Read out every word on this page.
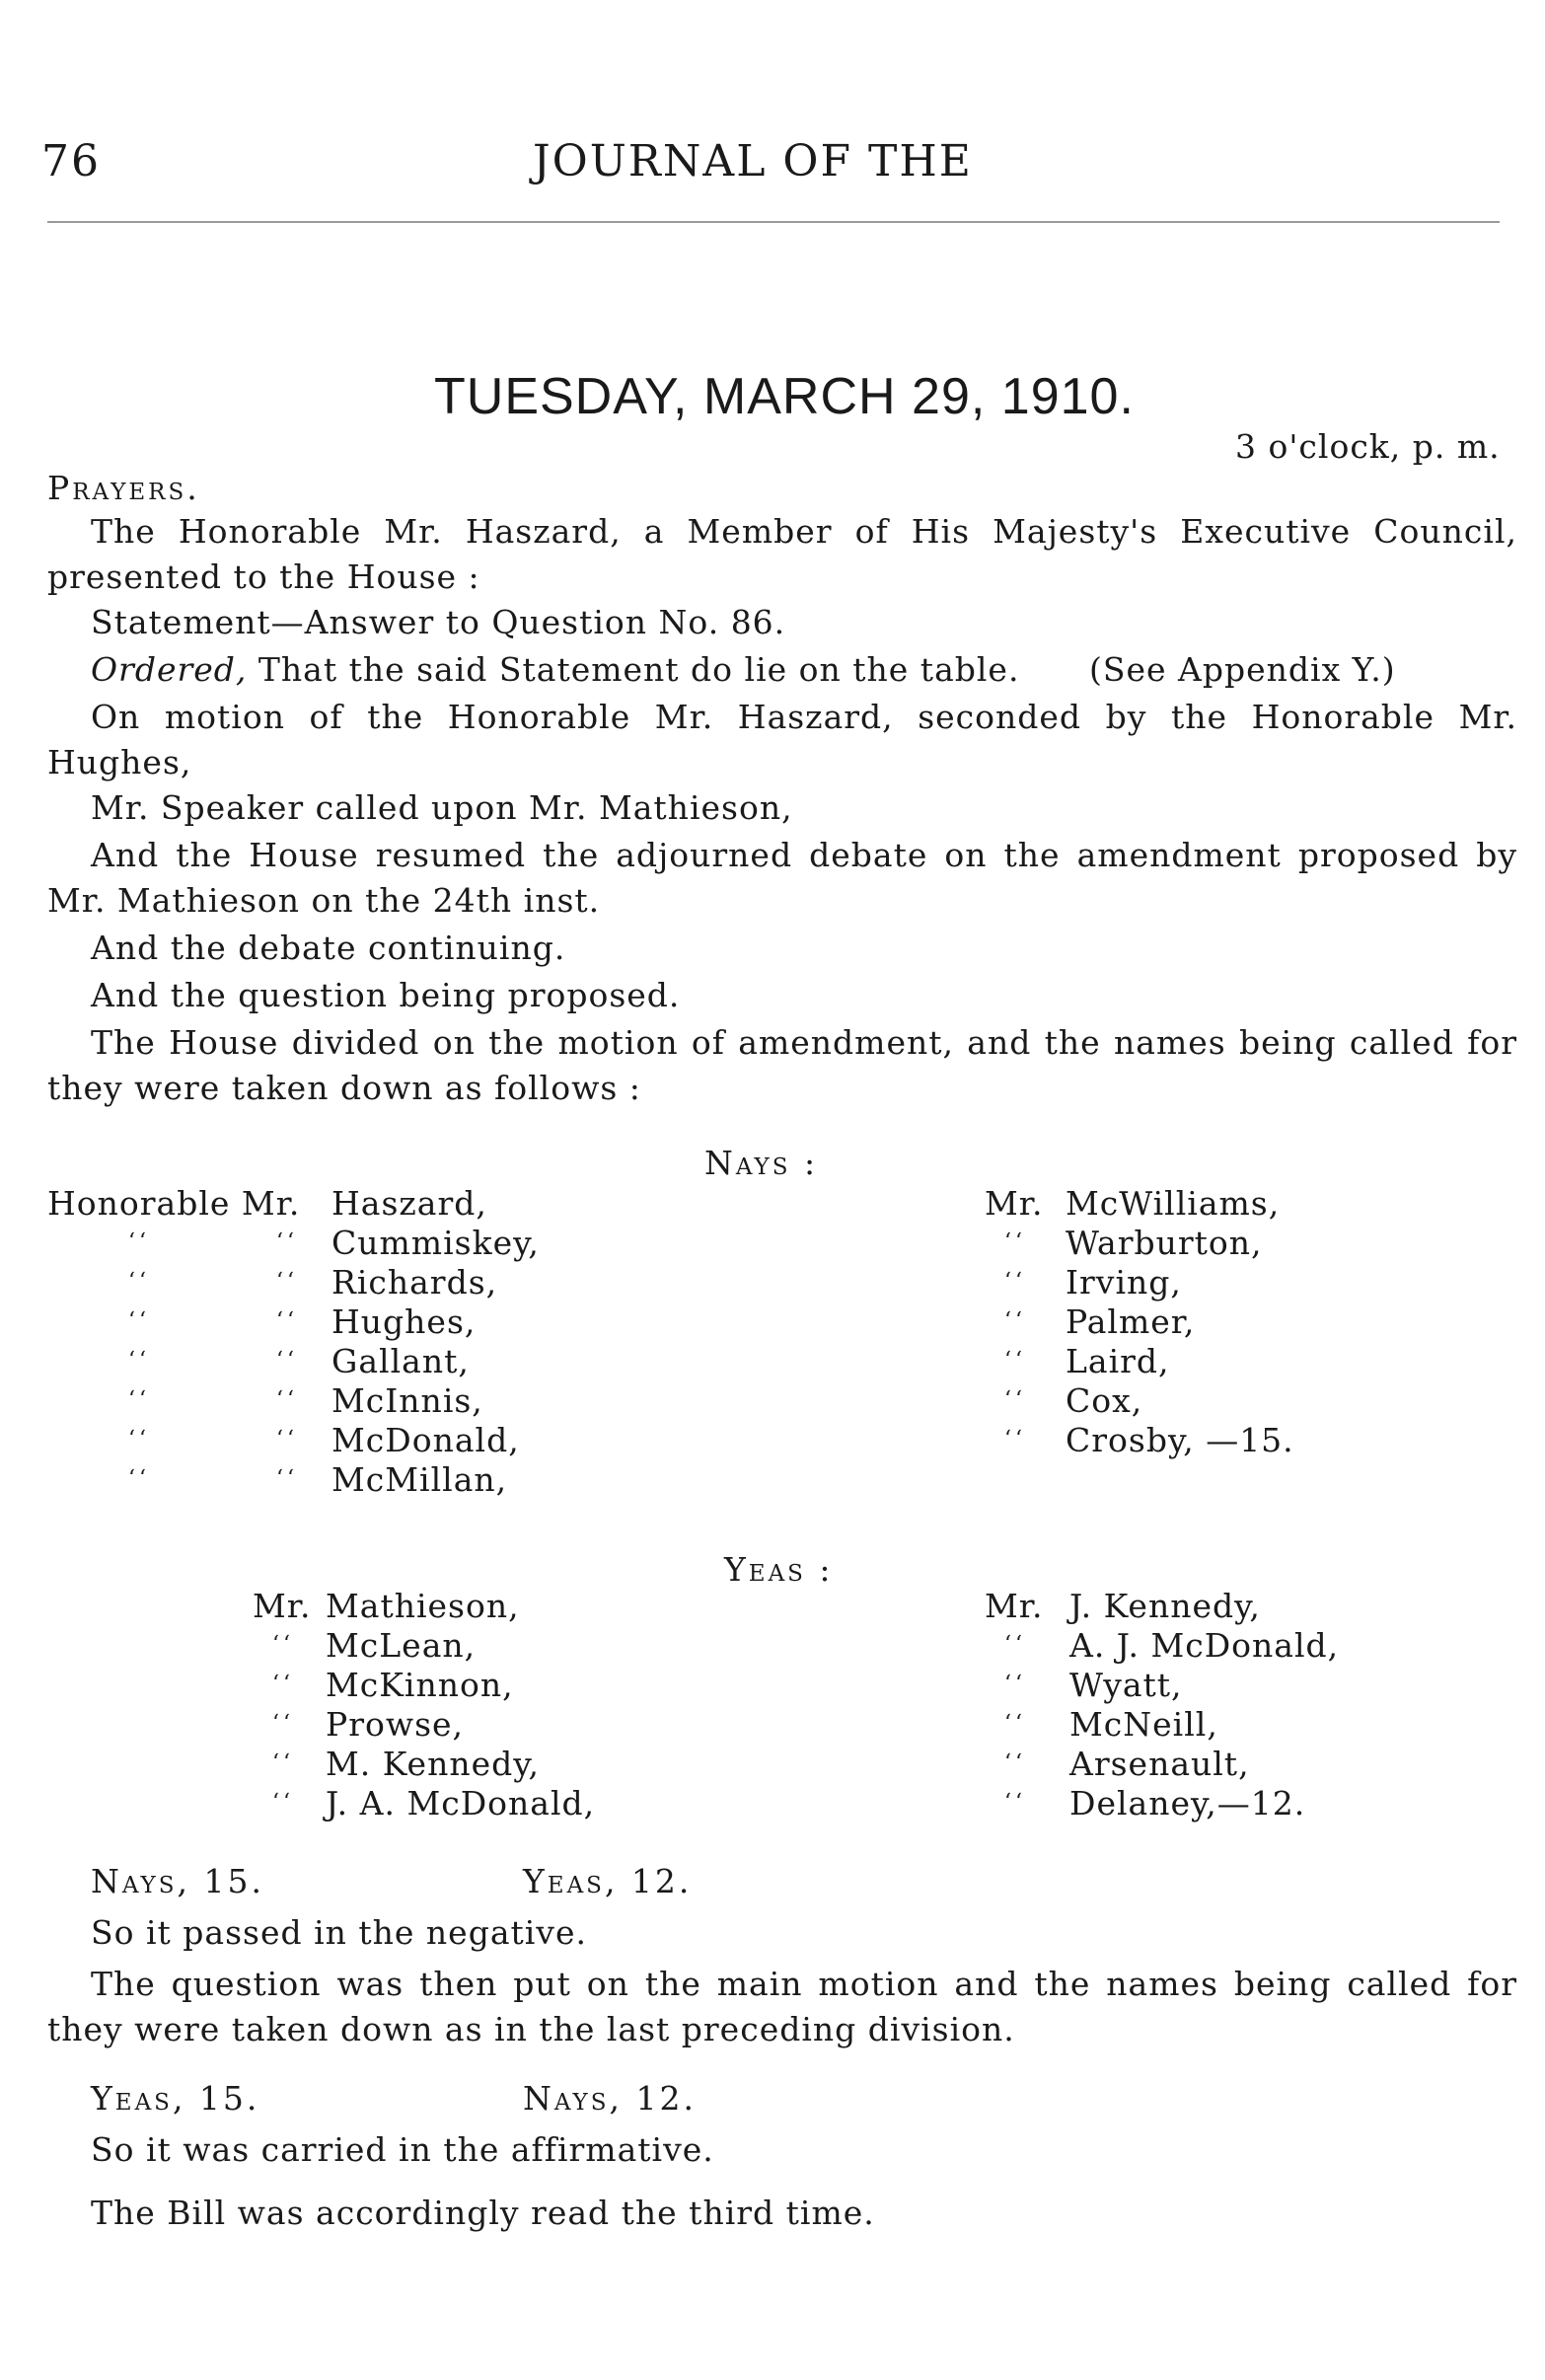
76	JOURNAL OF THE
TUESDAY, MARCH 29, 1910.
3 o'clock, p. m.
Prayers.
The Honorable Mr. Haszard, a Member of His Majesty's Executive Council, presented to the House :
Statement—Answer to Question No. 86.
Ordered, That the said Statement do lie on the table.	(See Appendix Y.)
On motion of the Honorable Mr. Haszard, seconded by the Honorable Mr. Hughes,
Mr. Speaker called upon Mr. Mathieson,
And the House resumed the adjourned debate on the amendment proposed by Mr. Mathieson on the 24th inst.
And the debate continuing.
And the question being proposed.
The House divided on the motion of amendment, and the names being called for they were taken down as follows :
Nays :
Honorable Mr. Haszard,
‘‘	‘‘ Cummiskey,
‘‘	‘‘ Richards,
‘‘	‘‘ Hughes,
‘‘	‘‘ Gallant,
‘‘	‘‘ McInnis,
‘‘	‘‘ McDonald,
‘‘	‘‘ McMillan,
Mr. McWilliams,
‘‘ Warburton,
‘‘ Irving,
‘‘ Palmer,
‘‘ Laird,
‘‘ Cox,
‘‘ Crosby, —15.
Yeas :
Mr. Mathieson,
‘‘ McLean,
‘‘ McKinnon,
‘‘ Prowse,
‘‘ M. Kennedy,
‘‘ J. A. McDonald,
Mr. J. Kennedy,
‘‘ A. J. McDonald,
‘‘ Wyatt,
‘‘ McNeill,
‘‘ Arsenault,
‘‘ Delaney,—12.
Nays, 15.	Yeas, 12.
So it passed in the negative.
The question was then put on the main motion and the names being called for they were taken down as in the last preceding division.
Yeas, 15.	Nays, 12.
So it was carried in the affirmative.
The Bill was accordingly read the third time.
